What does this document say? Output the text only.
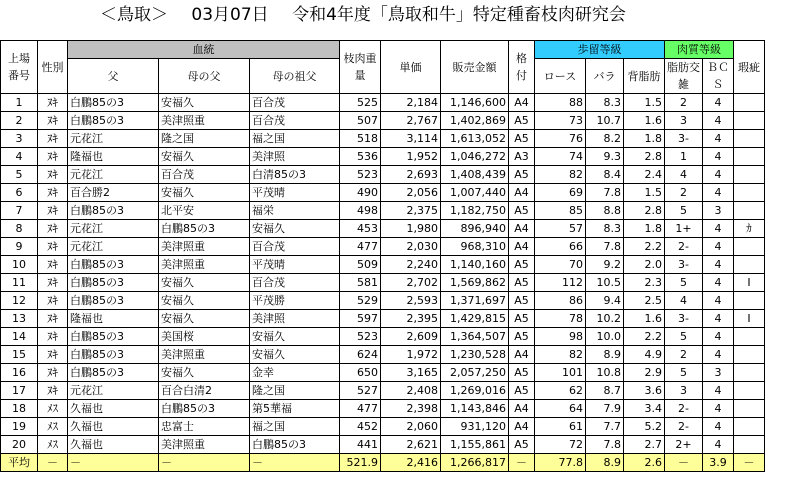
＜鳥取＞ 03月07日 令和4年度「鳥取和牛」特定種畜枝肉研究会
上場番号	性別	血統			枝肉重量	単価	販売金額	格付	歩留等級			肉質等級		瑕疵
		父	母の父	母の祖父					ロース	バラ	背脂肪	脂肪交雑	ＢＣＳ	

1	ﾇｷ	白鵬85の3	安福久	百合茂	525	2,184	1,146,600	A4	88	8.3	1.5	2	4	
2	ﾇｷ	白鵬85の3	美津照重	百合茂	507	2,767	1,402,869	A5	73	10.7	1.6	3	4	
3	ﾇｷ	元花江	隆之国	福之国	518	3,114	1,613,052	A5	76	8.2	1.8	3-	4	
4	ﾇｷ	隆福也	安福久	美津照	536	1,952	1,046,272	A3	74	9.3	2.8	1	4	
5	ﾇｷ	元花江	百合茂	白清85の3	523	2,693	1,408,439	A5	82	8.4	2.4	4	4	
6	ﾇｷ	百合勝2	安福久	平茂晴	490	2,056	1,007,440	A4	69	7.8	1.5	2	4	
7	ﾇｷ	白鵬85の3	北平安	福栄	498	2,375	1,182,750	A5	85	8.8	2.8	5	3	
8	ﾇｷ	元花江	白鵬85の3	安福久	453	1,980	896,940	A4	57	8.3	1.8	1+	4	ｶ
9	ﾇｷ	元花江	美津照重	百合茂	477	2,030	968,310	A4	66	7.8	2.2	2-	4	
10	ﾇｷ	白鵬85の3	美津照重	平茂晴	509	2,240	1,140,160	A5	70	9.2	2.0	3-	4	
11	ﾇｷ	白鵬85の3	安福久	百合茂	581	2,702	1,569,862	A5	112	10.5	2.3	5	4	I
12	ﾇｷ	白鵬85の3	安福久	平茂勝	529	2,593	1,371,697	A5	86	9.4	2.5	4	4	
13	ﾇｷ	隆福也	安福久	美津照	597	2,395	1,429,815	A5	78	10.2	1.6	3-	4	I
14	ﾇｷ	白鵬85の3	美国桜	安福久	523	2,609	1,364,507	A5	98	10.0	2.2	5	4	
15	ﾇｷ	白鵬85の3	美津照重	安福久	624	1,972	1,230,528	A4	82	8.9	4.9	2	4	
16	ﾇｷ	白鵬85の3	安福久	金幸	650	3,165	2,057,250	A5	101	10.8	2.9	5	3	
17	ﾇｷ	元花江	百合白清2	隆之国	527	2,408	1,269,016	A5	62	8.7	3.6	3	4	
18	ﾒｽ	久福也	白鵬85の3	第5華福	477	2,398	1,143,846	A4	64	7.9	3.4	2-	4	
19	ﾒｽ	久福也	忠富士	福之国	452	2,060	931,120	A4	61	7.7	5.2	2-	4	
20	ﾒｽ	久福也	美津照重	白鵬85の3	441	2,621	1,155,861	A5	72	7.8	2.7	2+	4	
平均	－	－	－	－	521.9	2,416	1,266,817	－	77.8	8.9	2.6	－	3.9	－
